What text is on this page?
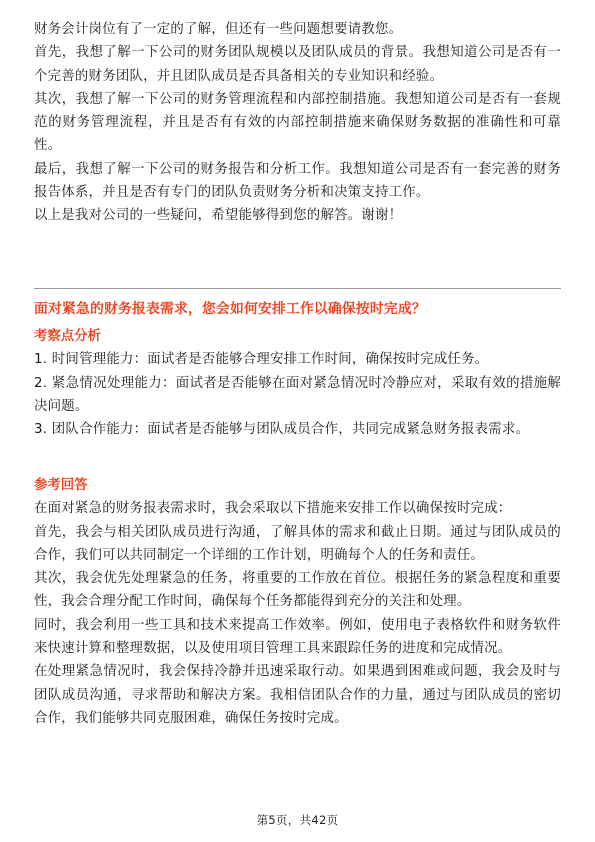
财务会计岗位有了一定的了解，但还有一些问题想要请教您。

首先，我想了解一下公司的财务团队规模以及团队成员的背景。我想知道公司是否有一个完善的财务团队，并且团队成员是否具备相关的专业知识和经验。

其次，我想了解一下公司的财务管理流程和内部控制措施。我想知道公司是否有一套规范的财务管理流程，并且是否有有效的内部控制措施来确保财务数据的准确性和可靠性。

最后，我想了解一下公司的财务报告和分析工作。我想知道公司是否有一套完善的财务报告体系，并且是否有专门的团队负责财务分析和决策支持工作。

以上是我对公司的一些疑问，希望能够得到您的解答。谢谢！

面对紧急的财务报表需求，您会如何安排工作以确保按时完成？
考察点分析

1. 时间管理能力：面试者是否能够合理安排工作时间，确保按时完成任务。

2. 紧急情况处理能力：面试者是否能够在面对紧急情况时冷静应对，采取有效的措施解决问题。

3. 团队合作能力：面试者是否能够与团队成员合作，共同完成紧急财务报表需求。

参考回答

在面对紧急的财务报表需求时，我会采取以下措施来安排工作以确保按时完成：

首先，我会与相关团队成员进行沟通，了解具体的需求和截止日期。通过与团队成员的合作，我们可以共同制定一个详细的工作计划，明确每个人的任务和责任。

其次，我会优先处理紧急的任务，将重要的工作放在首位。根据任务的紧急程度和重要性，我会合理分配工作时间，确保每个任务都能得到充分的关注和处理。

同时，我会利用一些工具和技术来提高工作效率。例如，使用电子表格软件和财务软件来快速计算和整理数据，以及使用项目管理工具来跟踪任务的进度和完成情况。

在处理紧急情况时，我会保持冷静并迅速采取行动。如果遇到困难或问题，我会及时与团队成员沟通，寻求帮助和解决方案。我相信团队合作的力量，通过与团队成员的密切合作，我们能够共同克服困难，确保任务按时完成。

第5页，共42页
